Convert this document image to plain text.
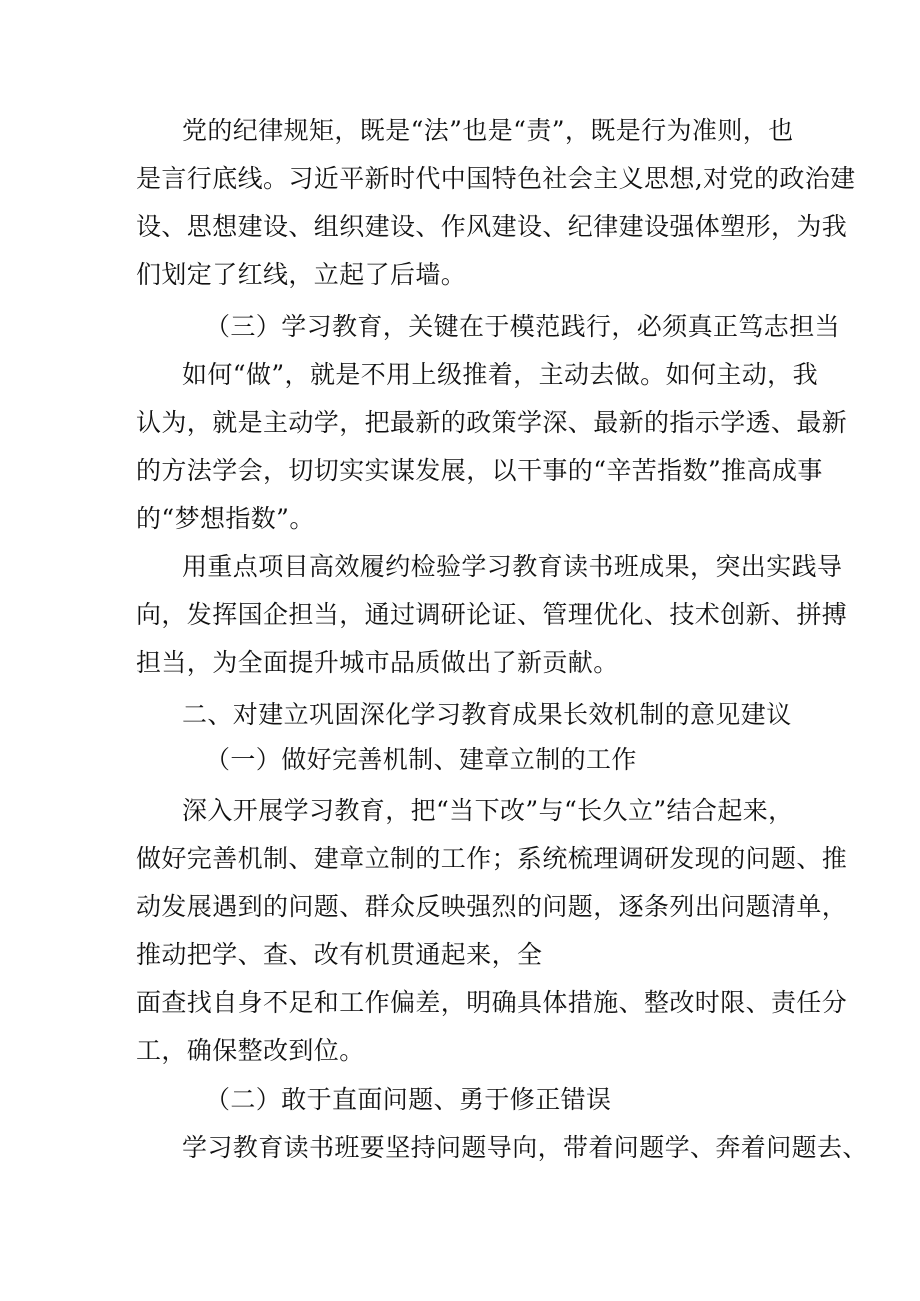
党的纪律规矩，既是“法”也是“责”，既是行为准则，也

是言行底线。习近平新时代中国特色社会主义思想,对党的政治建

设、思想建设、组织建设、作风建设、纪律建设强体塑形，为我

们划定了红线，立起了后墙。

（三）学习教育，关键在于模范践行，必须真正笃志担当

如何“做”，就是不用上级推着，主动去做。如何主动，我

认为，就是主动学，把最新的政策学深、最新的指示学透、最新

的方法学会，切切实实谋发展，以干事的“辛苦指数”推高成事

的“梦想指数”。

用重点项目高效履约检验学习教育读书班成果，突出实践导

向，发挥国企担当，通过调研论证、管理优化、技术创新、拼搏

担当，为全面提升城市品质做出了新贡献。

二、对建立巩固深化学习教育成果长效机制的意见建议

（一）做好完善机制、建章立制的工作

深入开展学习教育，把“当下改”与“长久立”结合起来，

做好完善机制、建章立制的工作；系统梳理调研发现的问题、推

动发展遇到的问题、群众反映强烈的问题，逐条列出问题清单，

推动把学、查、改有机贯通起来，全

面查找自身不足和工作偏差，明确具体措施、整改时限、责任分

工，确保整改到位。

（二）敢于直面问题、勇于修正错误

学习教育读书班要坚持问题导向，带着问题学、奔着问题去、
